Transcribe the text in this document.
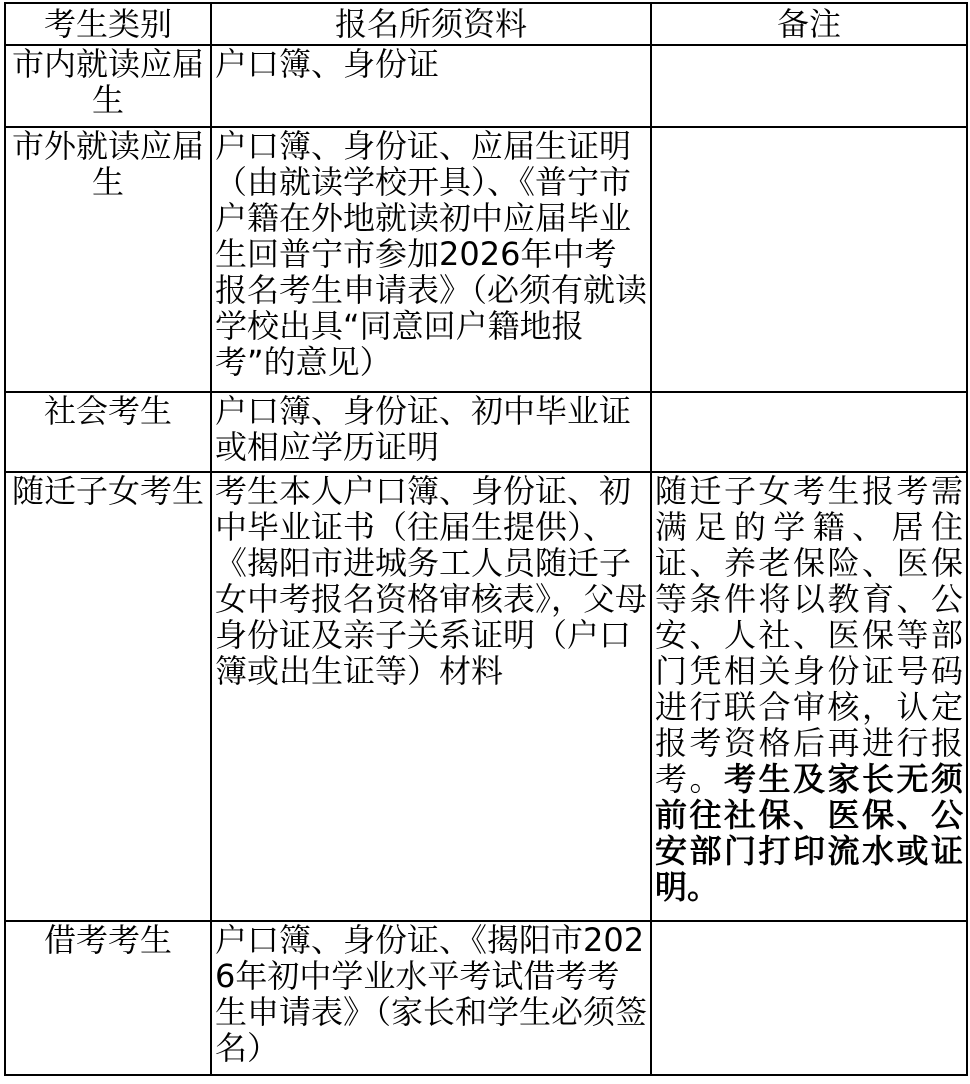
考生类别	报名所须资料	备注
市内就读应届生	户口簿、身份证	
市外就读应届生	户口簿、身份证、应届生证明（由就读学校开具）、《普宁市户籍在外地就读初中应届毕业生回普宁市参加2026年中考报名考生申请表》（必须有就读学校出具“同意回户籍地报考”的意见）	
社会考生	户口簿、身份证、初中毕业证或相应学历证明	
随迁子女考生	考生本人户口簿、身份证、初中毕业证书（往届生提供）、《揭阳市进城务工人员随迁子女中考报名资格审核表》，父母身份证及亲子关系证明（户口簿或出生证等）材料	随迁子女考生报考需满足的学籍、居住证、养老保险、医保等条件将以教育、公安、人社、医保等部门凭相关身份证号码进行联合审核，认定报考资格后再进行报考。考生及家长无须前往社保、医保、公安部门打印流水或证明。
借考考生	户口簿、身份证、《揭阳市2026年初中学业水平考试借考考生申请表》（家长和学生必须签名）	
